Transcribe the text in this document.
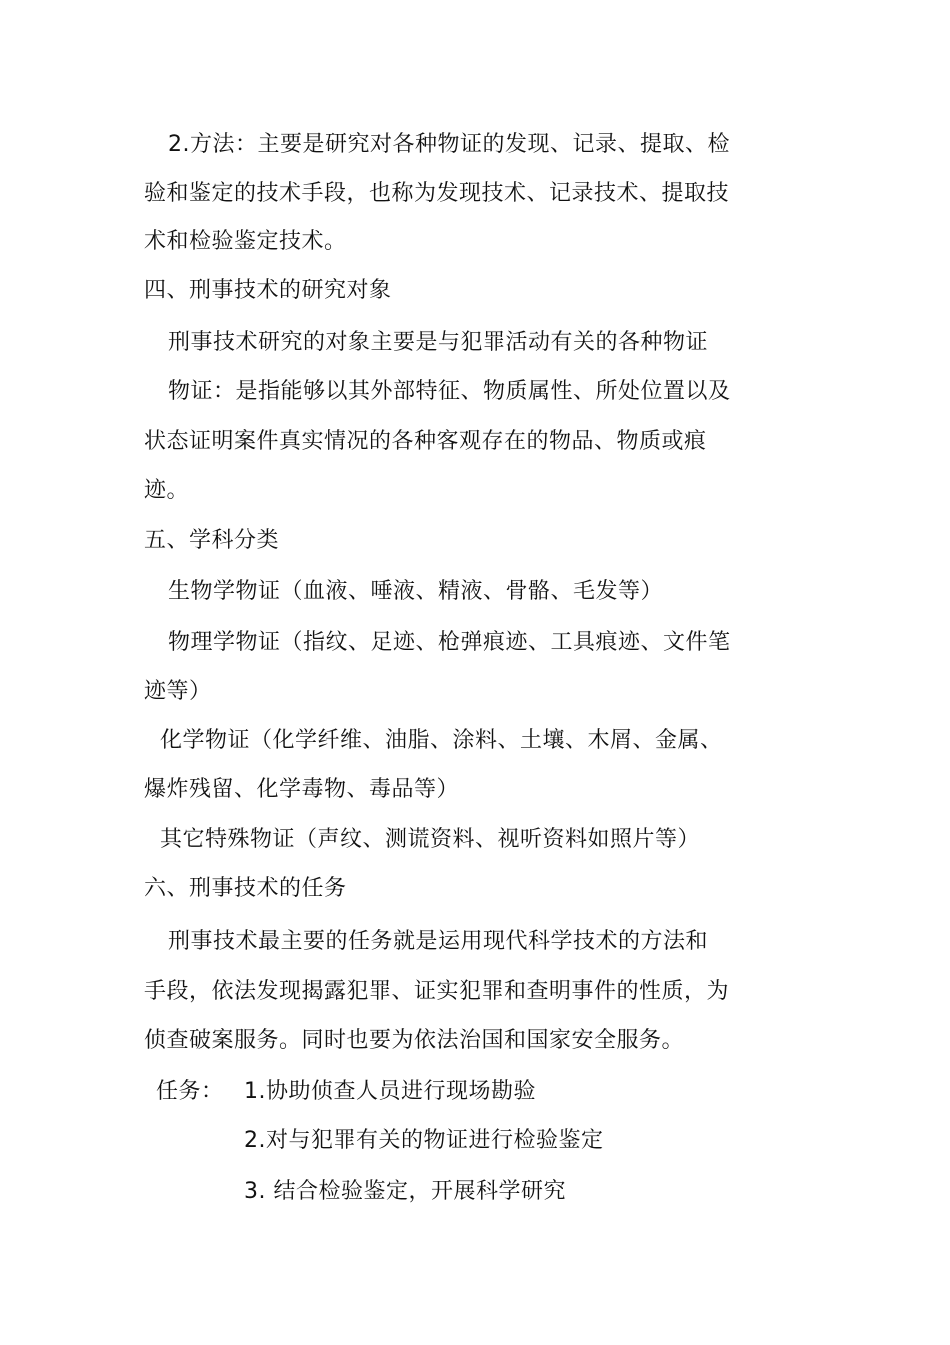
2.方法：主要是研究对各种物证的发现、记录、提取、检
验和鉴定的技术手段，也称为发现技术、记录技术、提取技
术和检验鉴定技术。
四、刑事技术的研究对象
刑事技术研究的对象主要是与犯罪活动有关的各种物证
物证：是指能够以其外部特征、物质属性、所处位置以及
状态证明案件真实情况的各种客观存在的物品、物质或痕
迹。
五、学科分类
生物学物证（血液、唾液、精液、骨骼、毛发等）
物理学物证（指纹、足迹、枪弹痕迹、工具痕迹、文件笔
迹等）
化学物证（化学纤维、油脂、涂料、土壤、木屑、金属、
爆炸残留、化学毒物、毒品等）
其它特殊物证（声纹、测谎资料、视听资料如照片等）
六、刑事技术的任务
刑事技术最主要的任务就是运用现代科学技术的方法和
手段，依法发现揭露犯罪、证实犯罪和查明事件的性质，为
侦查破案服务。同时也要为依法治国和国家安全服务。
任务： 1.协助侦查人员进行现场勘验
2.对与犯罪有关的物证进行检验鉴定
3. 结合检验鉴定，开展科学研究
